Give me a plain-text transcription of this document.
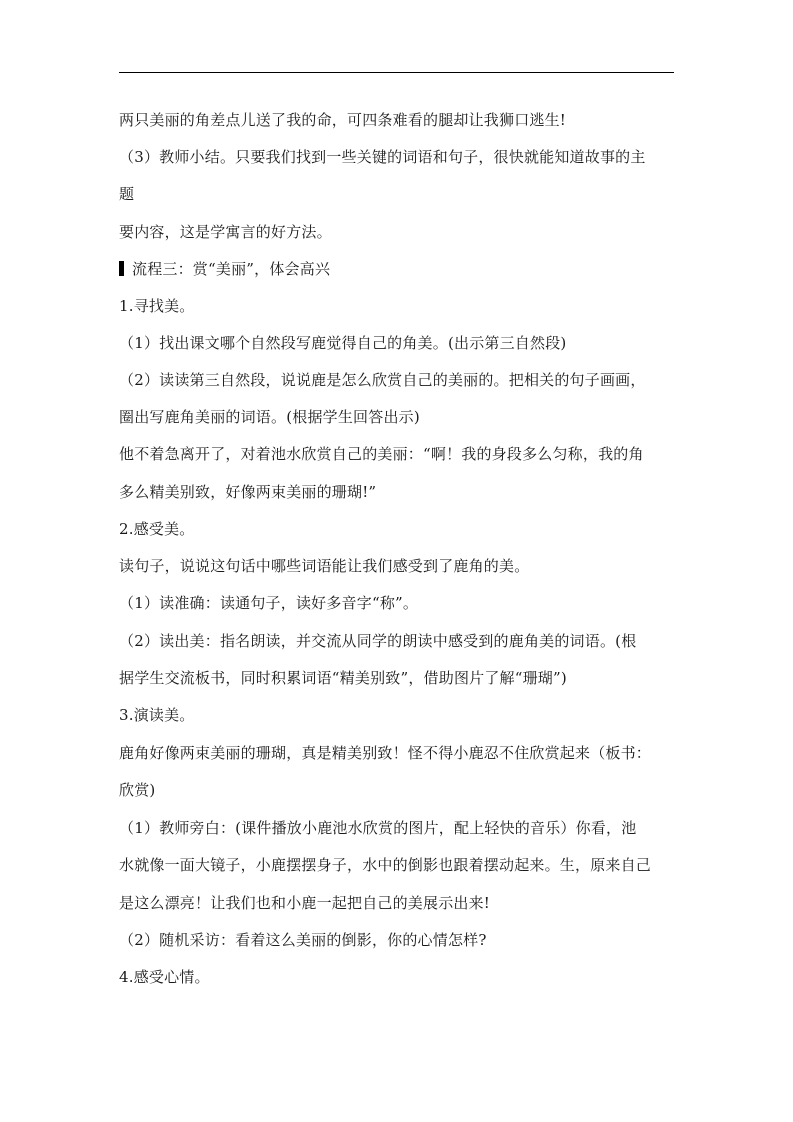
两只美丽的角差点儿送了我的命，可四条难看的腿却让我狮口逃生!
（3）教师小结。只要我们找到一些关键的词语和句子，很快就能知道故事的主
题
要内容，这是学寓言的好方法。
流程三：赏“美丽”，体会高兴
1.寻找美。
（1）找出课文哪个自然段写鹿觉得自己的角美。(出示第三自然段)
（2）读读第三自然段，说说鹿是怎么欣赏自己的美丽的。把相关的句子画画，
圈出写鹿角美丽的词语。(根据学生回答出示)
他不着急离开了，对着池水欣赏自己的美丽：“啊！我的身段多么匀称，我的角
多么精美别致，好像两束美丽的珊瑚!”
2.感受美。
读句子，说说这句话中哪些词语能让我们感受到了鹿角的美。
（1）读准确：读通句子，读好多音字“称”。
（2）读出美：指名朗读，并交流从同学的朗读中感受到的鹿角美的词语。(根
据学生交流板书，同时积累词语“精美别致”，借助图片了解“珊瑚”)
3.演读美。
鹿角好像两束美丽的珊瑚，真是精美别致！怪不得小鹿忍不住欣赏起来（板书：
欣赏)
（1）教师旁白：(课件播放小鹿池水欣赏的图片，配上轻快的音乐）你看，池
水就像一面大镜子，小鹿摆摆身子，水中的倒影也跟着摆动起来。生，原来自己
是这么漂亮！让我们也和小鹿一起把自己的美展示出来!
（2）随机采访：看着这么美丽的倒影，你的心情怎样?
4.感受心情。
